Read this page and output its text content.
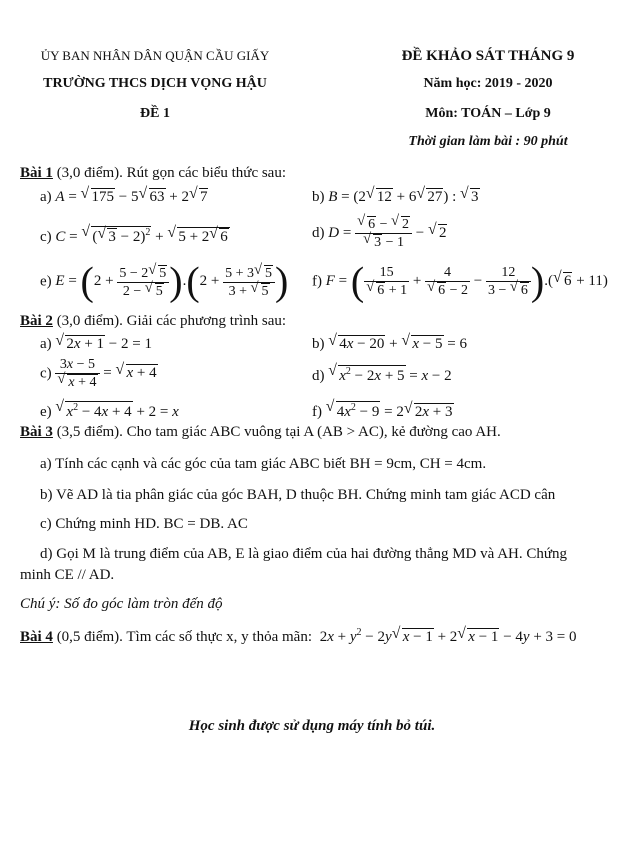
ỦY BAN NHÂN DÂN QUẬN CẦU GIẤY
TRƯỜNG THCS DỊCH VỌNG HẬU
ĐỀ 1
ĐỀ KHẢO SÁT THÁNG 9
Năm học: 2019 - 2020
Môn: TOÁN – Lớp 9
Thời gian làm bài : 90 phút
Bài 1 (3,0 điểm). Rút gọn các biểu thức sau:
a) A = √ 175 − 5√ 63 + 2√ 7	b) B = (2√ 12 + 6√ 27) : √ 3
c) C = √ (√ 3 − 2)$^2$ + √ 5 + 2√ 6	d) D =
√ 6 − √ 2
√ 3 − 1 − √ 2
e) $E = (2 + \frac{5 - 2√ 5}{2 - √ 5} ).(2 + \frac{5 + 3√ 5}{3 + √ 5}$ ) f) F = ( 15
√ 6 + 1 + 4
√ $6 - 2 - \frac{12}{3 - √ 6}$ ).(√ 6 + 11)
Bài 2 (3,0 điểm). Giải các phương trình sau:
a) √ 2x + 1 − 2 = 1	b) √ 4x − 20 + √ x − 5 = 6
c) 3x − 5
√ x + 4 = √ x + 4	d) √ $x^2 - 2x + 5 = x - 2$
e) √ $x^2 - 4x + 4 + 2 = x$	f) √ $4x^2 - 9 = 2√$ 2x + 3
Bài 3 (3,5 điểm). Cho tam giác ABC vuông tại A (AB > AC), kẻ đường cao AH.
a) Tính các cạnh và các góc của tam giác ABC biết BH = 9cm, CH = 4cm.
b) Vẽ AD là tia phân giác của góc BAH, D thuộc BH. Chứng minh tam giác ACD cân
c) Chứng minh HD. BC = DB. AC
d) Gọi M là trung điểm của AB, E là giao điểm của hai đường thẳng MD và AH. Chứng
minh CE // AD.
Chú ý: Số đo góc làm tròn đến độ
Bài 4 (0,5 điểm). Tìm các số thực x, y thỏa mãn: $2x + y^2 - 2y√$ x − 1 + 2√ x − 1 − 4y + 3 = 0
Học sinh được sử dụng máy tính bỏ túi.
